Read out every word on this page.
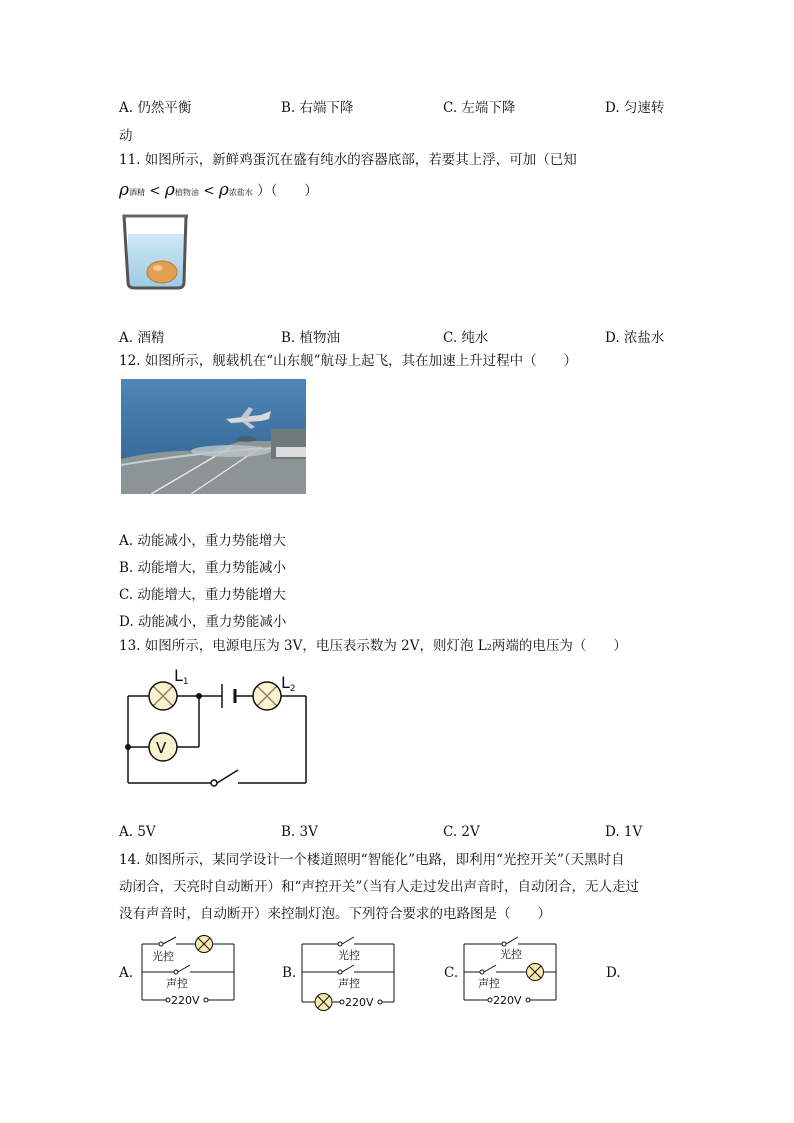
A. 仍然平衡	B. 右端下降	C. 左端下降	D. 匀速转
动
11. 如图所示，新鲜鸡蛋沉在盛有纯水的容器底部，若要其上浮，可加（已知
ρ酒精 < ρ植物油 < ρ浓盐水 ）（　　）
A. 酒精	B. 植物油	C. 纯水	D. 浓盐水
12. 如图所示，舰载机在“山东舰”航母上起飞，其在加速上升过程中（　　）
A. 动能减小，重力势能增大
B. 动能增大，重力势能减小
C. 动能增大，重力势能增大
D. 动能减小，重力势能减小
13. 如图所示，电源电压为 3V，电压表示数为 2V，则灯泡 L2两端的电压为（　　）
V
L1	L2
A. 5V	B. 3V	C. 2V	D. 1V
14. 如图所示，某同学设计一个楼道照明“智能化”电路，即利用“光控开关”（天黑时自
动闭合，天亮时自动断开）和“声控开关”（当有人走过发出声音时，自动闭合，无人走过
没有声音时，自动断开）来控制灯泡。下列符合要求的电路图是（　　）
A.
光控
声控
220V
B.
光控
声控
220V
C.
光控
声控
220V
D.
